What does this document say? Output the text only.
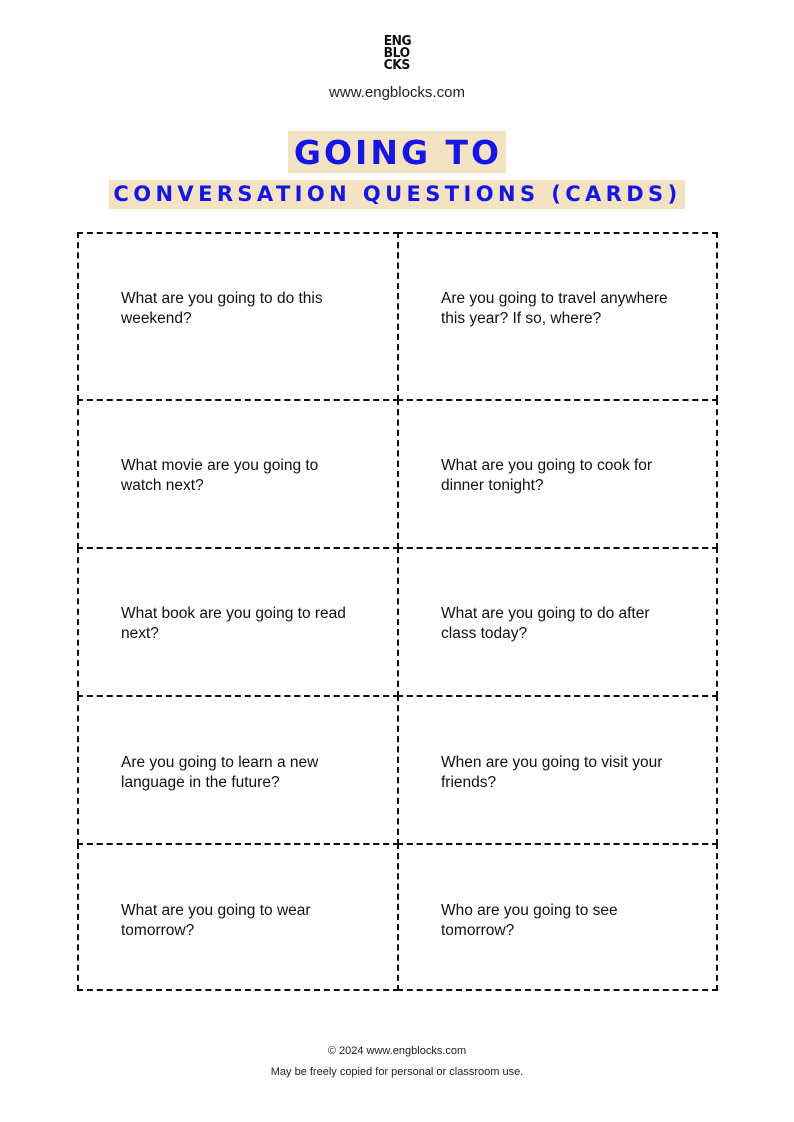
ENG
BLO
CKS
www.engblocks.com
GOING TO
CONVERSATION QUESTIONS (CARDS)
What are you going to do this weekend?
Are you going to travel anywhere this year? If so, where?
What movie are you going to watch next?
What are you going to cook for dinner tonight?
What book are you going to read next?
What are you going to do after class today?
Are you going to learn a new language in the future?
When are you going to visit your friends?
What are you going to wear tomorrow?
Who are you going to see tomorrow?
© 2024 www.engblocks.com
May be freely copied for personal or classroom use.
